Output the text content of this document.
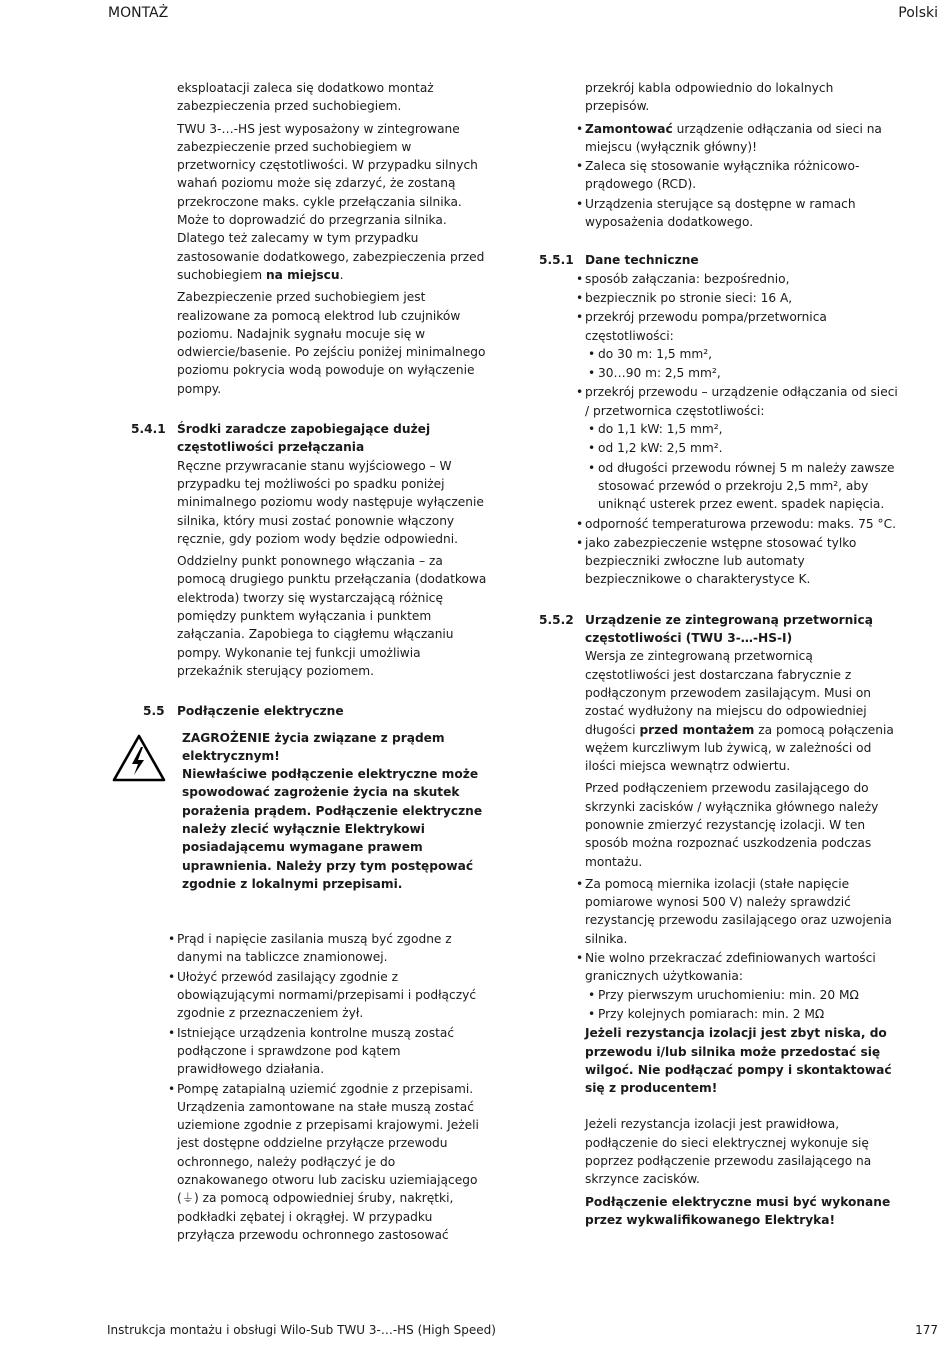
MONTAŻ	Polski

eksploatacji zaleca się dodatkowo montaż zabezpieczenia przed suchobiegiem.

TWU 3-…-HS jest wyposażony w zintegrowane zabezpieczenie przed suchobiegiem w przetwornicy częstotliwości. W przypadku silnych wahań poziomu może się zdarzyć, że zostaną przekroczone maks. cykle przełączania silnika. Może to doprowadzić do przegrzania silnika. Dlatego też zalecamy w tym przypadku zastosowanie dodatkowego, zabezpieczenia przed suchobiegiem na miejscu.

Zabezpieczenie przed suchobiegiem jest realizowane za pomocą elektrod lub czujników poziomu. Nadajnik sygnału mocuje się w odwiercie/basenie. Po zejściu poniżej minimalnego poziomu pokrycia wodą powoduje on wyłączenie pompy.

5.4.1 Środki zaradcze zapobiegające dużej częstotliwości przełączania

Ręczne przywracanie stanu wyjściowego – W przypadku tej możliwości po spadku poniżej minimalnego poziomu wody następuje wyłączenie silnika, który musi zostać ponownie włączony ręcznie, gdy poziom wody będzie odpowiedni.

Oddzielny punkt ponownego włączania – za pomocą drugiego punktu przełączania (dodatkowa elektroda) tworzy się wystarczającą różnicę pomiędzy punktem wyłączania i punktem załączania. Zapobiega to ciągłemu włączaniu pompy. Wykonanie tej funkcji umożliwia przekaźnik sterujący poziomem.

5.5 Podłączenie elektryczne
ZAGROŻENIE życia związane z prądem elektrycznym!
Niewłaściwe podłączenie elektryczne może spowodować zagrożenie życia na skutek porażenia prądem. Podłączenie elektryczne należy zlecić wyłącznie Elektrykowi posiadającemu wymagane prawem uprawnienia. Należy przy tym postępować zgodnie z lokalnymi przepisami.
• Prąd i napięcie zasilania muszą być zgodne z danymi na tabliczce znamionowej.
• Ułożyć przewód zasilający zgodnie z obowiązującymi normami/przepisami i podłączyć zgodnie z przeznaczeniem żył.
• Istniejące urządzenia kontrolne muszą zostać podłączone i sprawdzone pod kątem prawidłowego działania.
• Pompę zatapialną uziemić zgodnie z przepisami. Urządzenia zamontowane na stałe muszą zostać uziemione zgodnie z przepisami krajowymi. Jeżeli jest dostępne oddzielne przyłącze przewodu ochronnego, należy podłączyć je do oznakowanego otworu lub zacisku uziemiającego (⏚) za pomocą odpowiedniej śruby, nakrętki, podkładki zębatej i okrągłej. W przypadku przyłącza przewodu ochronnego zastosować

przekrój kabla odpowiednio do lokalnych przepisów.

• Zamontować urządzenie odłączania od sieci na miejscu (wyłącznik główny)!
• Zaleca się stosowanie wyłącznika różnicowo-prądowego (RCD).
• Urządzenia sterujące są dostępne w ramach wyposażenia dodatkowego.
5.5.1 Dane techniczne
• sposób załączania: bezpośrednio,
• bezpiecznik po stronie sieci: 16 A,
• przekrój przewodu pompa/przetwornica częstotliwości:
• do 30 m: 1,5 mm²,
• 30…90 m: 2,5 mm²,
• przekrój przewodu – urządzenie odłączania od sieci / przetwornica częstotliwości:
• do 1,1 kW: 1,5 mm²,
• od 1,2 kW: 2,5 mm².
• od długości przewodu równej 5 m należy zawsze stosować przewód o przekroju 2,5 mm², aby uniknąć usterek przez ewent. spadek napięcia.
• odporność temperaturowa przewodu: maks. 75 °C.
• jako zabezpieczenie wstępne stosować tylko bezpieczniki zwłoczne lub automaty bezpiecznikowe o charakterystyce K.
5.5.2 Urządzenie ze zintegrowaną przetwornicą częstotliwości (TWU 3-…-HS-I)

Wersja ze zintegrowaną przetwornicą częstotliwości jest dostarczana fabrycznie z podłączonym przewodem zasilającym. Musi on zostać wydłużony na miejscu do odpowiedniej długości przed montażem za pomocą połączenia wężem kurczliwym lub żywicą, w zależności od ilości miejsca wewnątrz odwiertu.

Przed podłączeniem przewodu zasilającego do skrzynki zacisków / wyłącznika głównego należy ponownie zmierzyć rezystancję izolacji. W ten sposób można rozpoznać uszkodzenia podczas montażu.

• Za pomocą miernika izolacji (stałe napięcie pomiarowe wynosi 500 V) należy sprawdzić rezystancję przewodu zasilającego oraz uzwojenia silnika.
• Nie wolno przekraczać zdefiniowanych wartości granicznych użytkowania:
• Przy pierwszym uruchomieniu: min. 20 MΩ
• Przy kolejnych pomiarach: min. 2 MΩ
Jeżeli rezystancja izolacji jest zbyt niska, do przewodu i/lub silnika może przedostać się wilgoć. Nie podłączać pompy i skontaktować się z producentem!

Jeżeli rezystancja izolacji jest prawidłowa, podłączenie do sieci elektrycznej wykonuje się poprzez podłączenie przewodu zasilającego na skrzynce zacisków.

Podłączenie elektryczne musi być wykonane przez wykwalifikowanego Elektryka!

Instrukcja montażu i obsługi Wilo-Sub TWU 3-…-HS (High Speed)	177
